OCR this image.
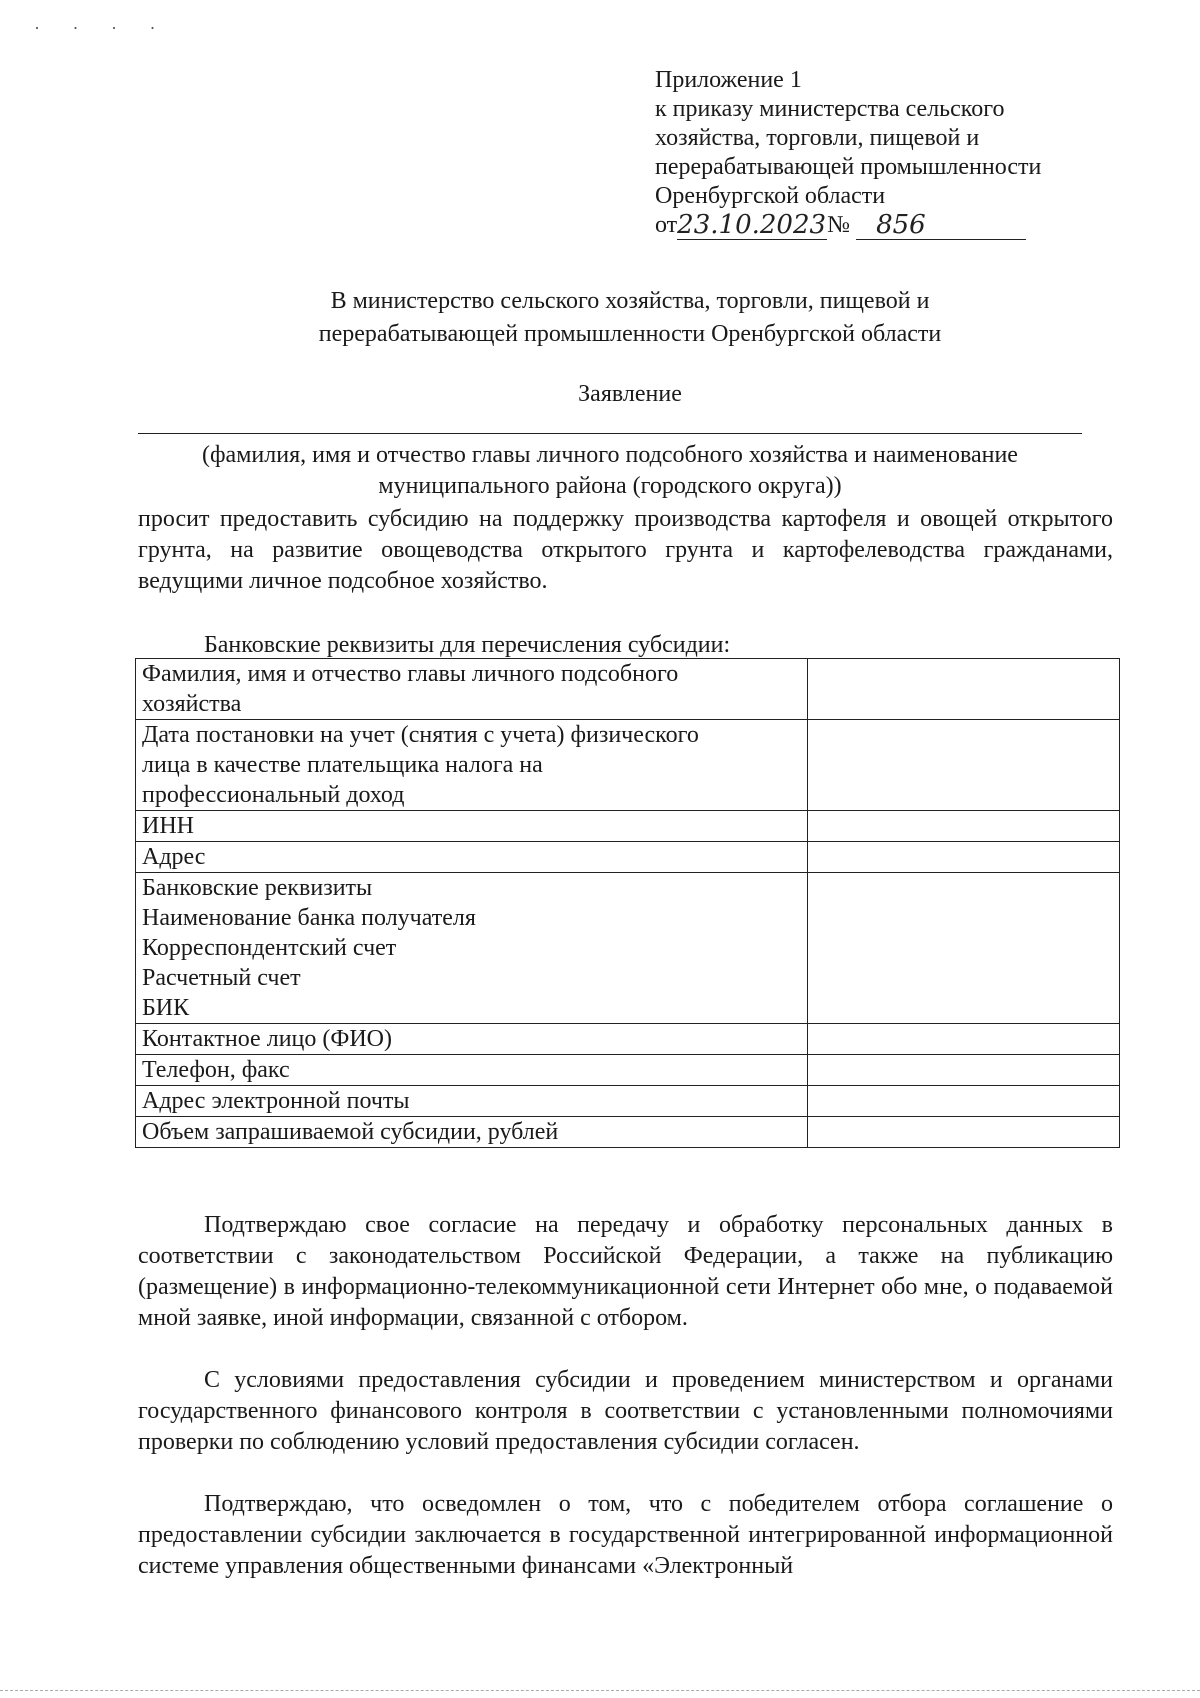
· · · ·
Приложение 1
к приказу министерства сельского
хозяйства, торговли, пищевой и
перерабатывающей промышленности
Оренбургской области
от23.10.2023№ 856
В министерство сельского хозяйства, торговли, пищевой и
перерабатывающей промышленности Оренбургской области
Заявление
(фамилия, имя и отчество главы личного подсобного хозяйства и наименование
муниципального района (городского округа))
просит предоставить субсидию на поддержку производства картофеля и овощей открытого грунта, на развитие овощеводства открытого грунта и картофелеводства гражданами, ведущими личное подсобное хозяйство.
Банковские реквизиты для перечисления субсидии:
Фамилия, имя и отчество главы личного подсобного
хозяйства	

Дата постановки на учет (снятия с учета) физического
лица в качестве плательщика налога на
профессиональный доход	

ИНН	

Адрес	

Банковские реквизиты
Наименование банка получателя
Корреспондентский счет
Расчетный счет
БИК	

Контактное лицо (ФИО)	

Телефон, факс	

Адрес электронной почты	

Объем запрашиваемой субсидии, рублей	

Подтверждаю свое согласие на передачу и обработку персональных данных в соответствии с законодательством Российской Федерации, а также на публикацию (размещение) в информационно-телекоммуникационной сети Интернет обо мне, о подаваемой мной заявке, иной информации, связанной с отбором.
С условиями предоставления субсидии и проведением министерством и органами государственного финансового контроля в соответствии с установленными полномочиями проверки по соблюдению условий предоставления субсидии согласен.
Подтверждаю, что осведомлен о том, что с победителем отбора соглашение о предоставлении субсидии заключается в государственной интегрированной информационной системе управления общественными финансами «Электронный
